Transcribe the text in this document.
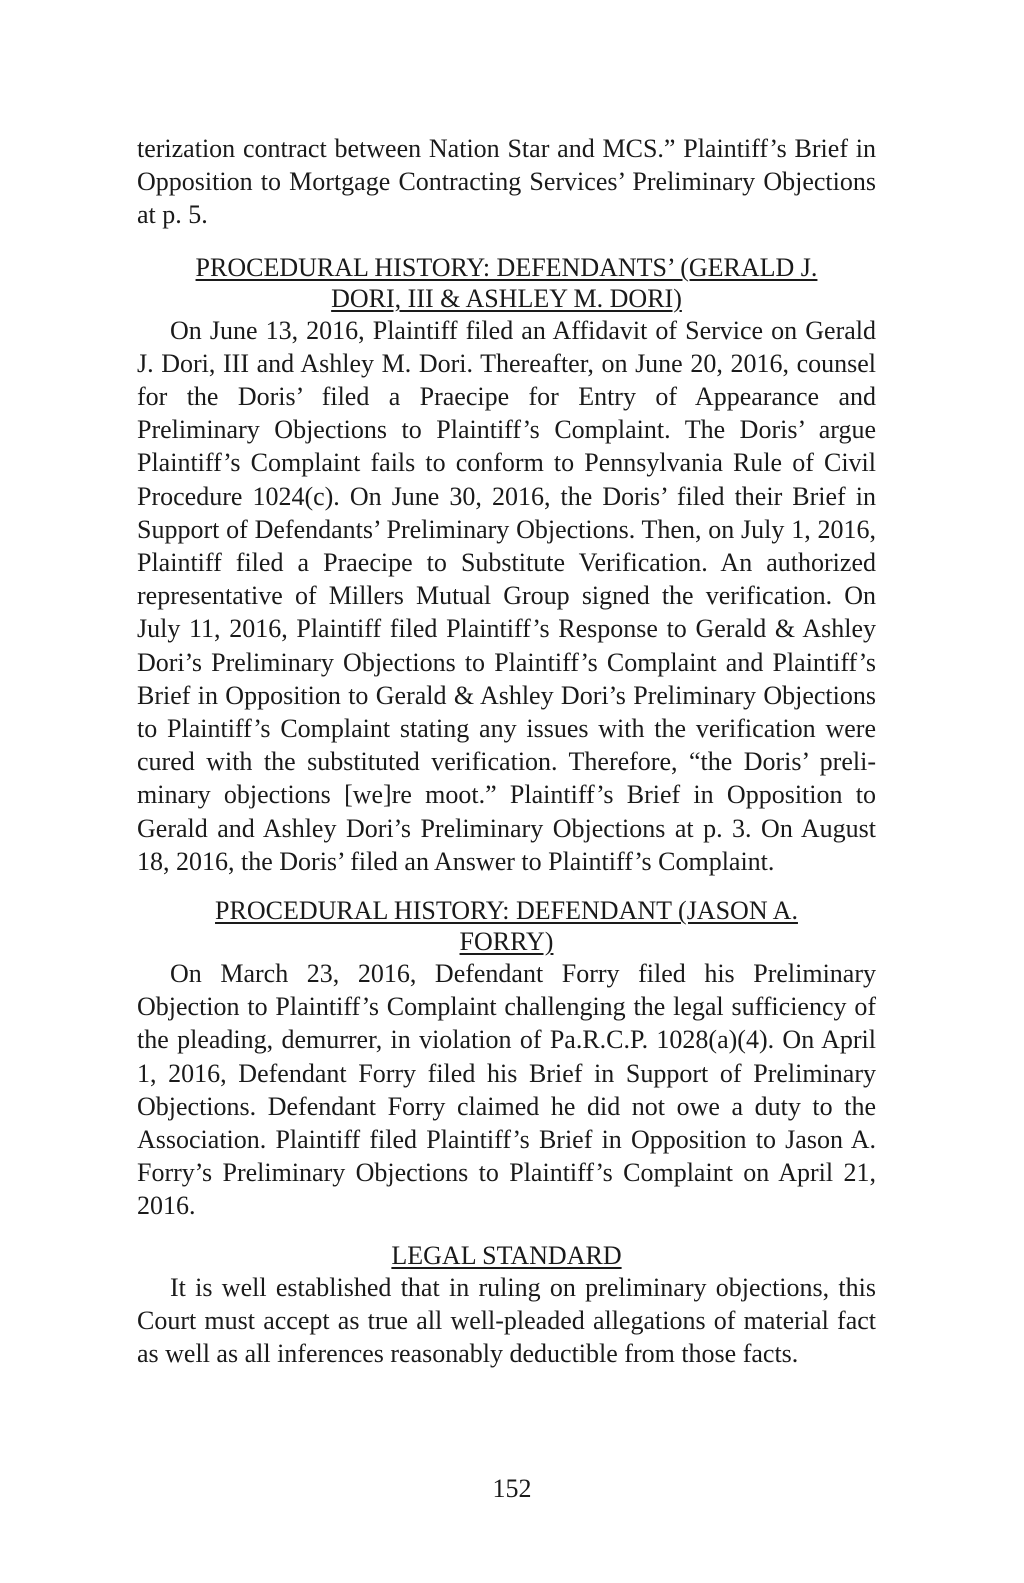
terization contract between Nation Star and MCS.” Plaintiff’s Brief in Opposition to Mortgage Contracting Services’ Preliminary Objections at p. 5.

PROCEDURAL HISTORY: DEFENDANTS’ (GERALD J.
DORI, III & ASHLEY M. DORI)

On June 13, 2016, Plaintiff filed an Affidavit of Service on Gerald J. Dori, III and Ashley M. Dori. Thereafter, on June 20, 2016, counsel for the Doris’ filed a Praecipe for Entry of Appearance and Preliminary Objections to Plaintiff’s Complaint. The Doris’ argue Plaintiff’s Complaint fails to conform to Pennsylvania Rule of Civil Procedure 1024(c). On June 30, 2016, the Doris’ filed their Brief in Support of Defendants’ Preliminary Objections. Then, on July 1, 2016, Plaintiff filed a Praecipe to Substitute Verification. An authorized representative of Millers Mutual Group signed the verification. On July 11, 2016, Plaintiff filed Plaintiff’s Response to Gerald & Ashley Dori’s Preliminary Objections to Plaintiff’s Complaint and Plaintiff’s Brief in Opposition to Gerald & Ashley Dori’s Preliminary Objections to Plaintiff’s Complaint stating any issues with the verification were cured with the substituted verification. Therefore, “the Doris’ preliminary objections [we]re moot.” Plaintiff’s Brief in Opposition to Gerald and Ashley Dori’s Preliminary Objections at p. 3. On August 18, 2016, the Doris’ filed an Answer to Plaintiff’s Complaint.

PROCEDURAL HISTORY: DEFENDANT (JASON A.
FORRY)

On March 23, 2016, Defendant Forry filed his Preliminary Objection to Plaintiff’s Complaint challenging the legal sufficiency of the pleading, demurrer, in violation of Pa.R.C.P. 1028(a)(4). On April 1, 2016, Defendant Forry filed his Brief in Support of Preliminary Objections. Defendant Forry claimed he did not owe a duty to the Association. Plaintiff filed Plaintiff’s Brief in Opposition to Jason A. Forry’s Preliminary Objections to Plaintiff’s Complaint on April 21, 2016.

LEGAL STANDARD

It is well established that in ruling on preliminary objections, this Court must accept as true all well-pleaded allegations of material fact as well as all inferences reasonably deductible from those facts.

152
